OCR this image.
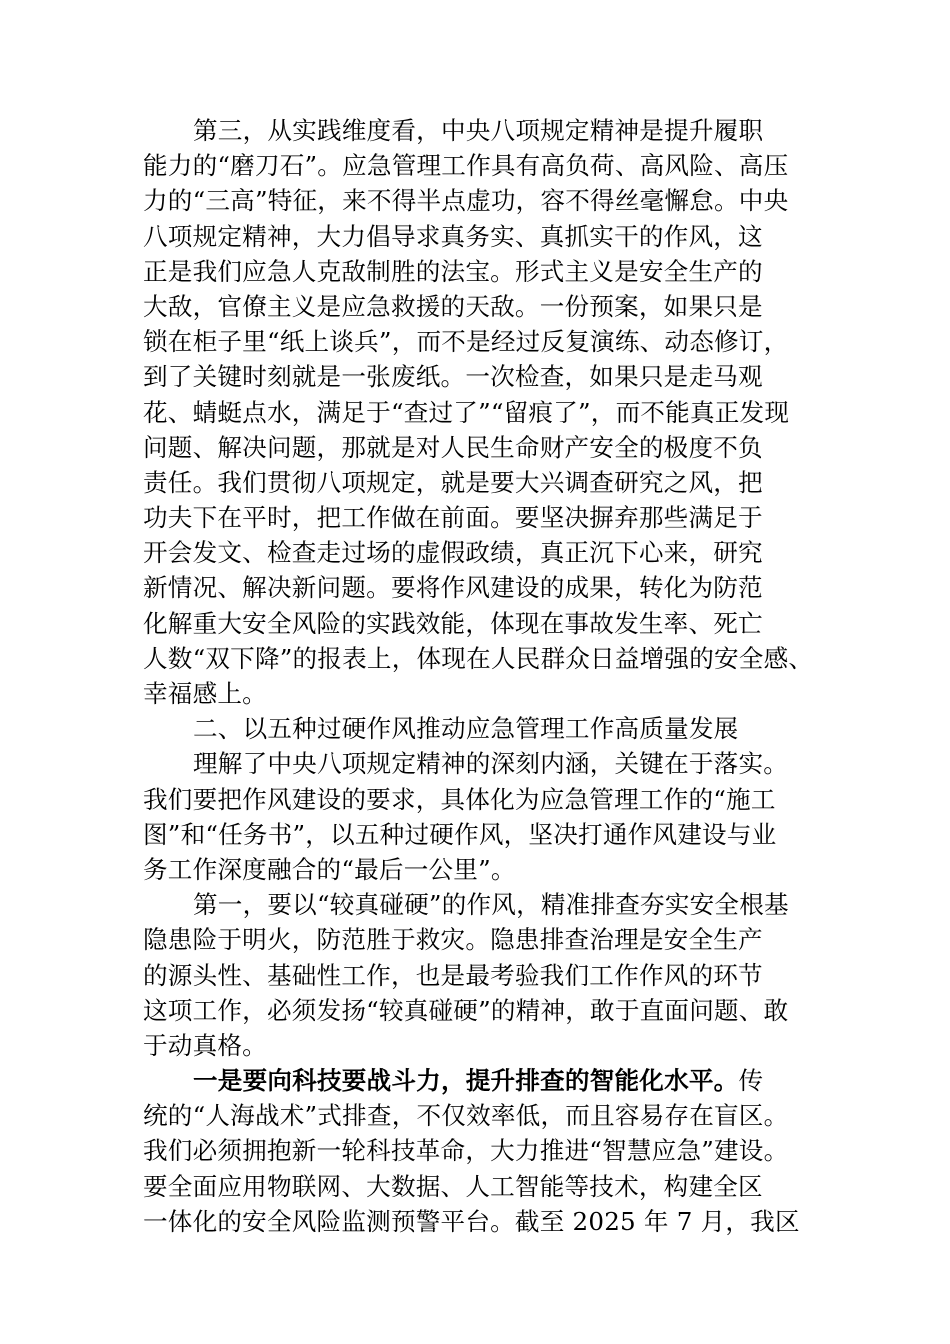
第三，从实践维度看，中央八项规定精神是提升履职
能力的“磨刀石”。应急管理工作具有高负荷、高风险、高压
力的“三高”特征，来不得半点虚功，容不得丝毫懈怠。中央
八项规定精神，大力倡导求真务实、真抓实干的作风，这
正是我们应急人克敌制胜的法宝。形式主义是安全生产的
大敌，官僚主义是应急救援的天敌。一份预案，如果只是
锁在柜子里“纸上谈兵”，而不是经过反复演练、动态修订，
到了关键时刻就是一张废纸。一次检查，如果只是走马观
花、蜻蜓点水，满足于“查过了”“留痕了”，而不能真正发现
问题、解决问题，那就是对人民生命财产安全的极度不负
责任。我们贯彻八项规定，就是要大兴调查研究之风，把
功夫下在平时，把工作做在前面。要坚决摒弃那些满足于
开会发文、检查走过场的虚假政绩，真正沉下心来，研究
新情况、解决新问题。要将作风建设的成果，转化为防范
化解重大安全风险的实践效能，体现在事故发生率、死亡
人数“双下降”的报表上，体现在人民群众日益增强的安全感、
幸福感上。
二、以五种过硬作风推动应急管理工作高质量发展
理解了中央八项规定精神的深刻内涵，关键在于落实。
我们要把作风建设的要求，具体化为应急管理工作的“施工
图”和“任务书”，以五种过硬作风，坚决打通作风建设与业
务工作深度融合的“最后一公里”。
第一，要以“较真碰硬”的作风，精准排查夯实安全根基
隐患险于明火，防范胜于救灾。隐患排查治理是安全生产
的源头性、基础性工作，也是最考验我们工作作风的环节
这项工作，必须发扬“较真碰硬”的精神，敢于直面问题、敢
于动真格。
一是要向科技要战斗力，提升排查的智能化水平。传
统的“人海战术”式排查，不仅效率低，而且容易存在盲区。
我们必须拥抱新一轮科技革命，大力推进“智慧应急”建设。
要全面应用物联网、大数据、人工智能等技术，构建全区
一体化的安全风险监测预警平台。截至 2025 年 7 月，我区
